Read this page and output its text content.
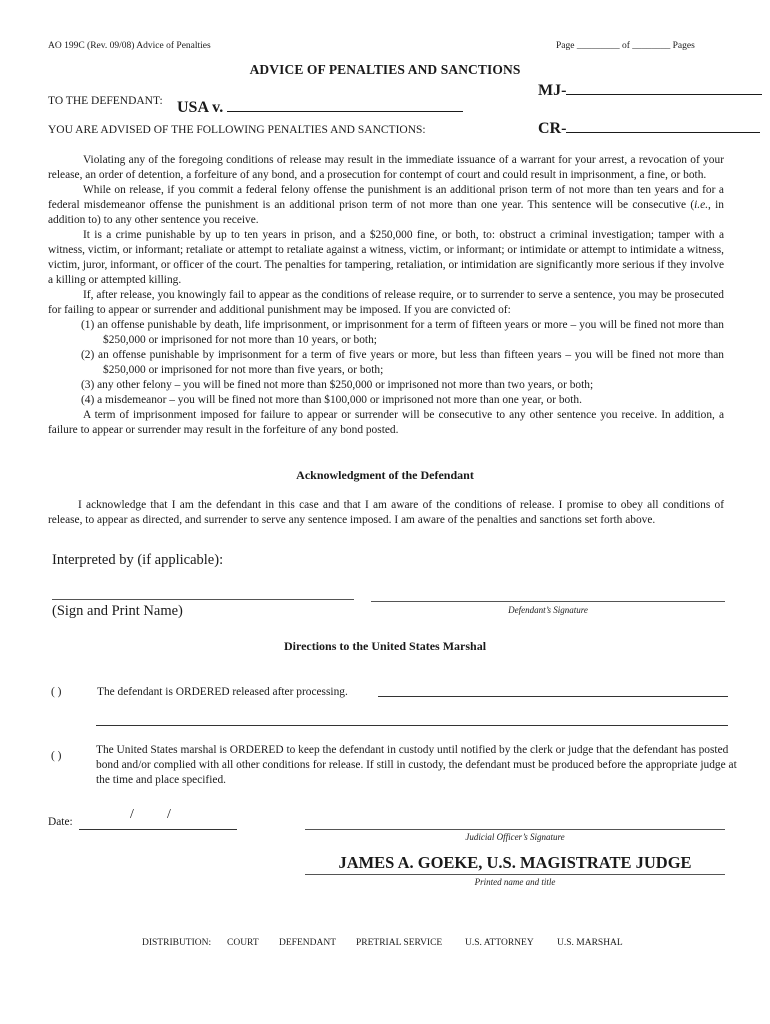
AO 199C (Rev. 09/08) Advice of Penalties	Page _________ of ________ Pages
ADVICE OF PENALTIES AND SANCTIONS
TO THE DEFENDANT: USA v.
MJ-
YOU ARE ADVISED OF THE FOLLOWING PENALTIES AND SANCTIONS:	CR-

Violating any of the foregoing conditions of release may result in the immediate issuance of a warrant for your arrest, a revocation of your release, an order of detention, a forfeiture of any bond, and a prosecution for contempt of court and could result in imprisonment, a fine, or both.

While on release, if you commit a federal felony offense the punishment is an additional prison term of not more than ten years and for a federal misdemeanor offense the punishment is an additional prison term of not more than one year. This sentence will be consecutive (i.e., in addition to) to any other sentence you receive.

It is a crime punishable by up to ten years in prison, and a $250,000 fine, or both, to: obstruct a criminal investigation; tamper with a witness, victim, or informant; retaliate or attempt to retaliate against a witness, victim, or informant; or intimidate or attempt to intimidate a witness, victim, juror, informant, or officer of the court. The penalties for tampering, retaliation, or intimidation are significantly more serious if they involve a killing or attempted killing.

If, after release, you knowingly fail to appear as the conditions of release require, or to surrender to serve a sentence, you may be prosecuted for failing to appear or surrender and additional punishment may be imposed. If you are convicted of:

(1) an offense punishable by death, life imprisonment, or imprisonment for a term of fifteen years or more – you will be fined not more than $250,000 or imprisoned for not more than 10 years, or both;

(2) an offense punishable by imprisonment for a term of five years or more, but less than fifteen years – you will be fined not more than $250,000 or imprisoned for not more than five years, or both;

(3) any other felony – you will be fined not more than $250,000 or imprisoned not more than two years, or both;

(4) a misdemeanor – you will be fined not more than $100,000 or imprisoned not more than one year, or both.

A term of imprisonment imposed for failure to appear or surrender will be consecutive to any other sentence you receive. In addition, a failure to appear or surrender may result in the forfeiture of any bond posted.

Acknowledgment of the Defendant

I acknowledge that I am the defendant in this case and that I am aware of the conditions of release. I promise to obey all conditions of release, to appear as directed, and surrender to serve any sentence imposed. I am aware of the penalties and sanctions set forth above.

Interpreted by (if applicable):
(Sign and Print Name)	Defendant’s Signature
Directions to the United States Marshal
( )	The defendant is ORDERED released after processing.
( )	The United States marshal is ORDERED to keep the defendant in custody until notified by the clerk or judge that the defendant has posted bond and/or complied with all other conditions for release. If still in custody, the defendant must be produced before the appropriate judge at the time and place specified.
Date:	/ /
Judicial Officer’s Signature
JAMES A. GOEKE, U.S. MAGISTRATE JUDGE
Printed name and title
DISTRIBUTION: COURT DEFENDANT PRETRIAL SERVICE U.S. ATTORNEY U.S. MARSHAL
